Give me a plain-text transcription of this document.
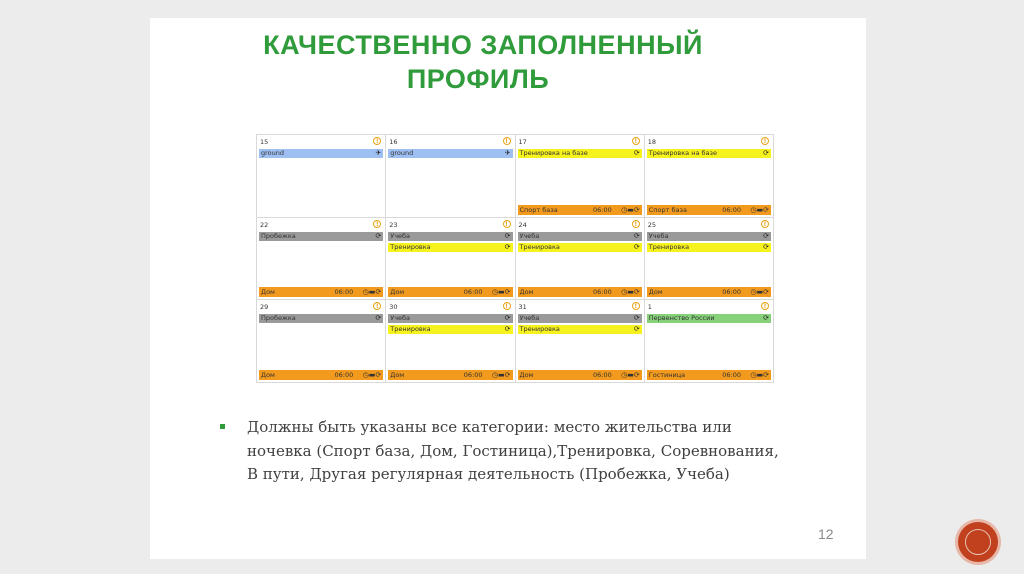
КАЧЕСТВЕННО ЗАПОЛНЕННЫЙ
ПРОФИЛЬ
15	!
ground	✈
16	!
ground	✈
17	!
Тренировка на базе	⟳
Спорт база	06:00 ◷▬⟳
18	!
Тренировка на базе	⟳
Спорт база	06:00 ◷▬⟳
22	!
Пробежка	⟳
Дом	06:00 ◷▬⟳
23	!
Учеба	⟳
Тренировка	⟳
Дом	06:00 ◷▬⟳
24	!
Учеба	⟳
Тренировка	⟳
Дом	06:00 ◷▬⟳
25	!
Учеба	⟳
Тренировка	⟳
Дом	06:00 ◷▬⟳
29	!
Пробежка	⟳
Дом	06:00 ◷▬⟳
30	!
Учеба	⟳
Тренировка	⟳
Дом	06:00 ◷▬⟳
31	!
Учеба	⟳
Тренировка	⟳
Дом	06:00 ◷▬⟳
1	!
Первенство России	⟳
Гостиница	06:00 ◷▬⟳
Должны быть указаны все категории: место жительства или ночевка (Спорт база, Дом, Гостиница),Тренировка, Соревнования, В пути, Другая регулярная деятельность (Пробежка, Учеба)
12
